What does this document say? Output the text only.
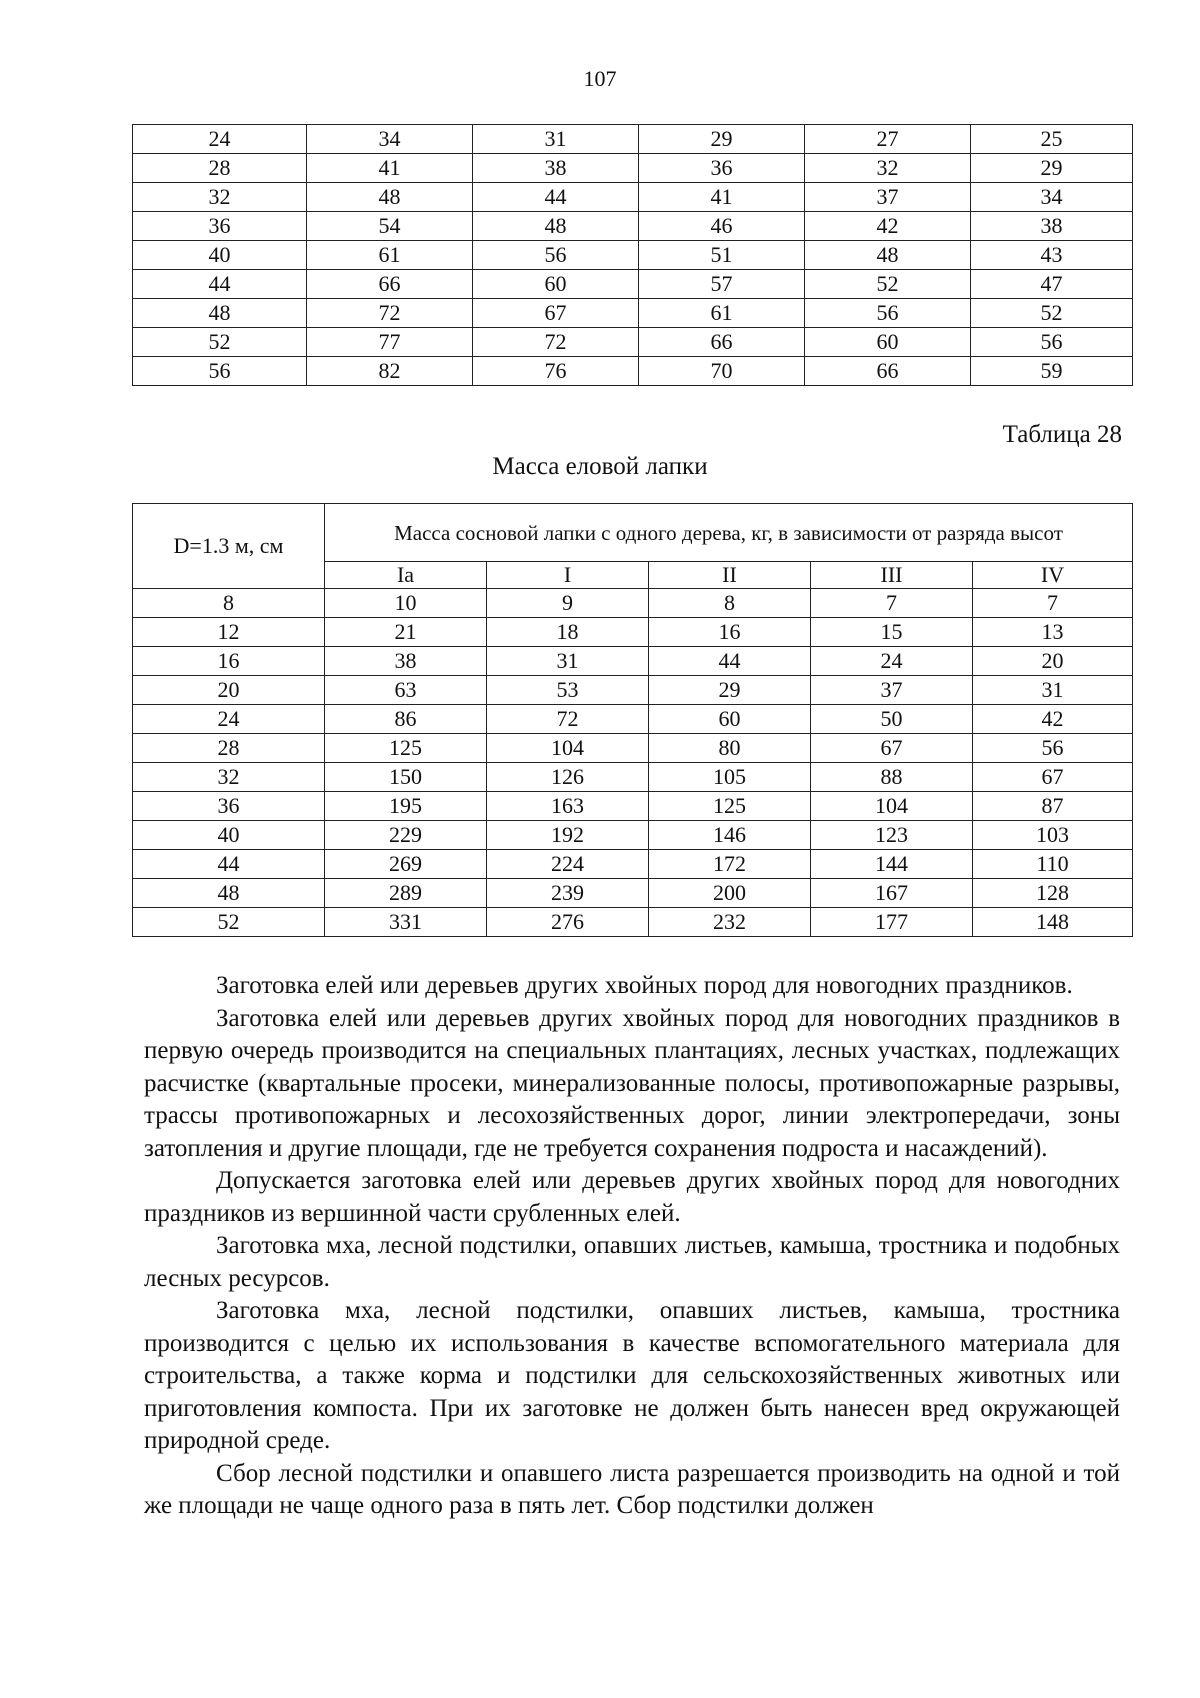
107
24	34	31	29	27	25
28	41	38	36	32	29
32	48	44	41	37	34
36	54	48	46	42	38
40	61	56	51	48	43
44	66	60	57	52	47
48	72	67	61	56	52
52	77	72	66	60	56
56	82	76	70	66	59
Таблица 28
Масса еловой лапки
D=1.3 м, см	Масса сосновой лапки с одного дерева, кг, в зависимости от разряда высот				
	Ia	I	II	III	IV
8	10	9	8	7	7
12	21	18	16	15	13
16	38	31	44	24	20
20	63	53	29	37	31
24	86	72	60	50	42
28	125	104	80	67	56
32	150	126	105	88	67
36	195	163	125	104	87
40	229	192	146	123	103
44	269	224	172	144	110
48	289	239	200	167	128
52	331	276	232	177	148

Заготовка елей или деревьев других хвойных пород для новогодних праздников.

Заготовка елей или деревьев других хвойных пород для новогодних праздников в первую очередь производится на специальных плантациях, лесных участках, подлежащих расчистке (квартальные просеки, минерализованные полосы, противопожарные разрывы, трассы противопожарных и лесохозяйственных дорог, линии электропередачи, зоны затопления и другие площади, где не требуется сохранения подроста и насаждений).

Допускается заготовка елей или деревьев других хвойных пород для новогодних праздников из вершинной части срубленных елей.

Заготовка мха, лесной подстилки, опавших листьев, камыша, тростника и подобных лесных ресурсов.

Заготовка мха, лесной подстилки, опавших листьев, камыша, тростника производится с целью их использования в качестве вспомогательного материала для строительства, а также корма и подстилки для сельскохозяйственных животных или приготовления компоста. При их заготовке не должен быть нанесен вред окружающей природной среде.

Сбор лесной подстилки и опавшего листа разрешается производить на одной и той же площади не чаще одного раза в пять лет. Сбор подстилки должен
